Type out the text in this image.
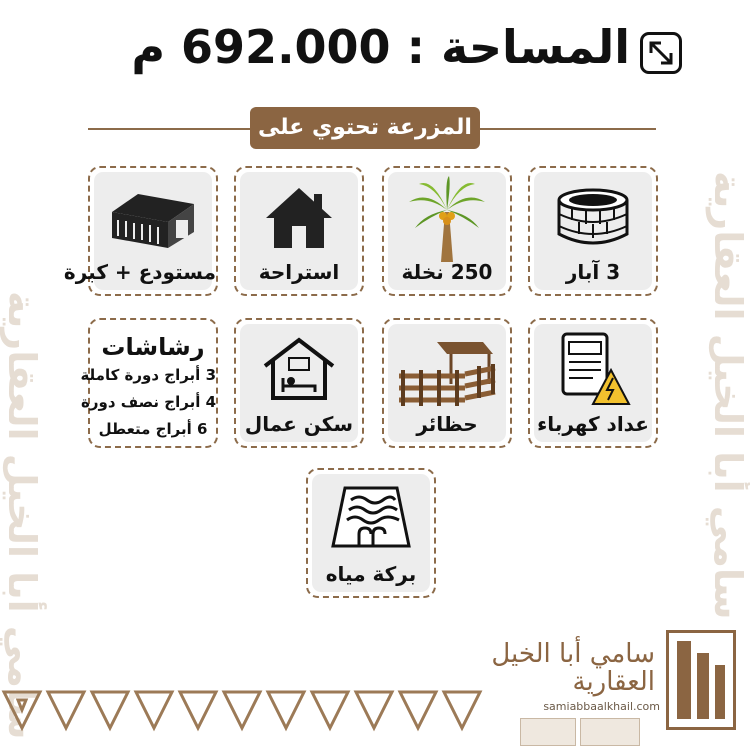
سامي أبا الخيل العقارية	سامي أبا الخيل العقارية
المساحة : 692.000 م
المزرعة تحتوي على
3 آبار
250 نخلة
استراحة
مستودع + كبرة
عداد كهرباء
حظائر
سكن عمال
رشاشات
3 أبراج دورة كاملة
4 أبراج نصف دورة
6 أبراج متعطل
بركة مياه
سامي أبا الخيل
العقارية
samiabbaalkhail.com
